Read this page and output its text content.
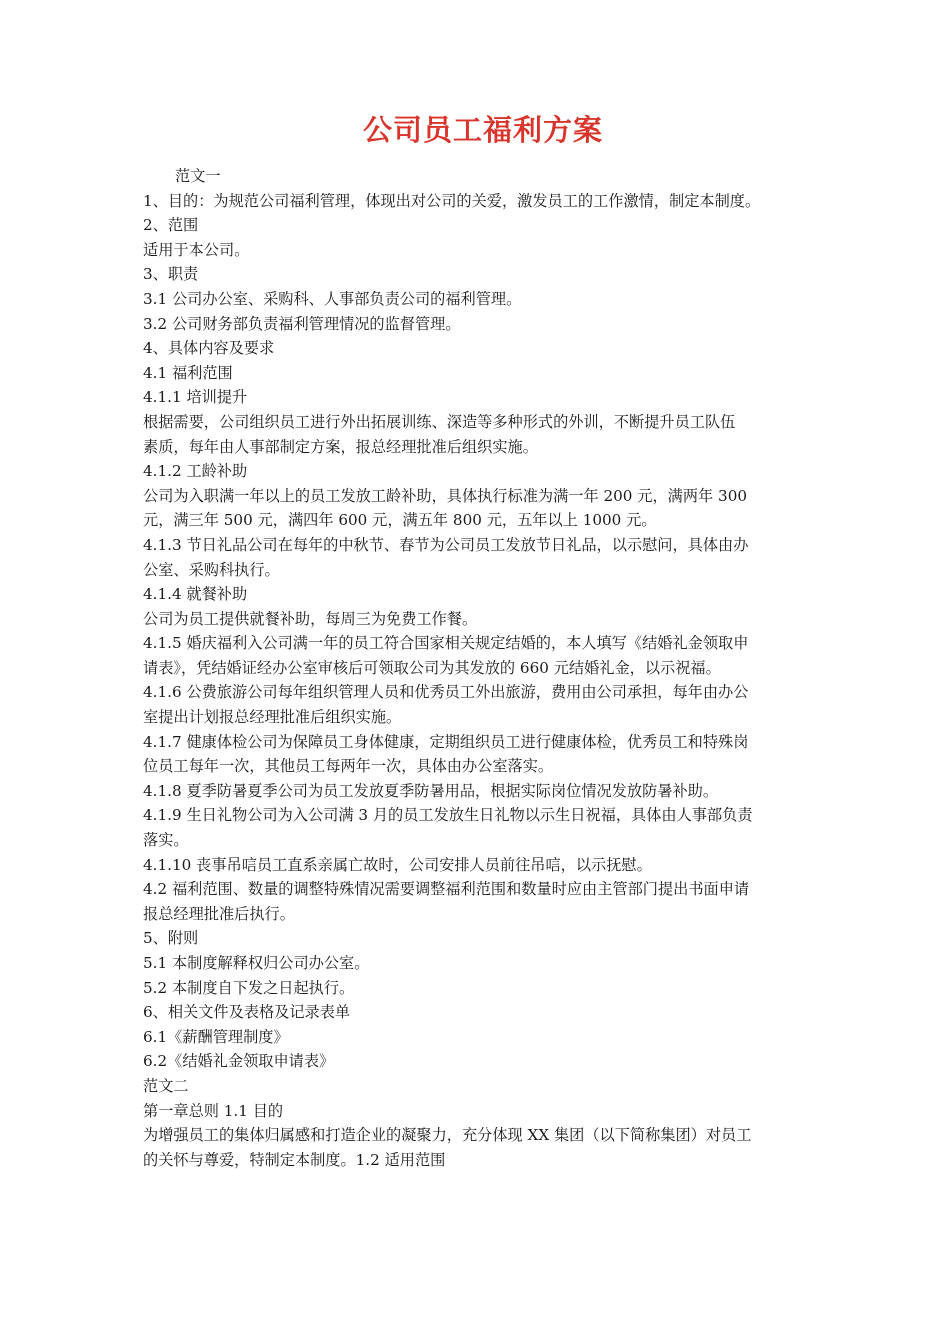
公司员工福利方案

范文一

1、目的：为规范公司福利管理，体现出对公司的关爱，激发员工的工作激情，制定本制度。

2、范围

适用于本公司。

3、职责

3.1 公司办公室、采购科、人事部负责公司的福利管理。

3.2 公司财务部负责福利管理情况的监督管理。

4、具体内容及要求

4.1 福利范围

4.1.1 培训提升

根据需要，公司组织员工进行外出拓展训练、深造等多种形式的外训，不断提升员工队伍

素质，每年由人事部制定方案，报总经理批准后组织实施。

4.1.2 工龄补助

公司为入职满一年以上的员工发放工龄补助，具体执行标准为满一年 200 元，满两年 300

元，满三年 500 元，满四年 600 元，满五年 800 元，五年以上 1000 元。

4.1.3 节日礼品公司在每年的中秋节、春节为公司员工发放节日礼品，以示慰问，具体由办

公室、采购科执行。

4.1.4 就餐补助

公司为员工提供就餐补助，每周三为免费工作餐。

4.1.5 婚庆福利入公司满一年的员工符合国家相关规定结婚的，本人填写《结婚礼金领取申

请表》，凭结婚证经办公室审核后可领取公司为其发放的 660 元结婚礼金，以示祝福。

4.1.6 公费旅游公司每年组织管理人员和优秀员工外出旅游，费用由公司承担，每年由办公

室提出计划报总经理批准后组织实施。

4.1.7 健康体检公司为保障员工身体健康，定期组织员工进行健康体检，优秀员工和特殊岗

位员工每年一次，其他员工每两年一次，具体由办公室落实。

4.1.8 夏季防暑夏季公司为员工发放夏季防暑用品，根据实际岗位情况发放防暑补助。

4.1.9 生日礼物公司为入公司满 3 月的员工发放生日礼物以示生日祝福，具体由人事部负责

落实。

4.1.10 丧事吊唁员工直系亲属亡故时，公司安排人员前往吊唁，以示抚慰。

4.2 福利范围、数量的调整特殊情况需要调整福利范围和数量时应由主管部门提出书面申请

报总经理批准后执行。

5、附则

5.1 本制度解释权归公司办公室。

5.2 本制度自下发之日起执行。

6、相关文件及表格及记录表单

6.1《薪酬管理制度》

6.2《结婚礼金领取申请表》

范文二

第一章总则 1.1 目的

为增强员工的集体归属感和打造企业的凝聚力，充分体现 XX 集团（以下简称集团）对员工

的关怀与尊爱，特制定本制度。1.2 适用范围
